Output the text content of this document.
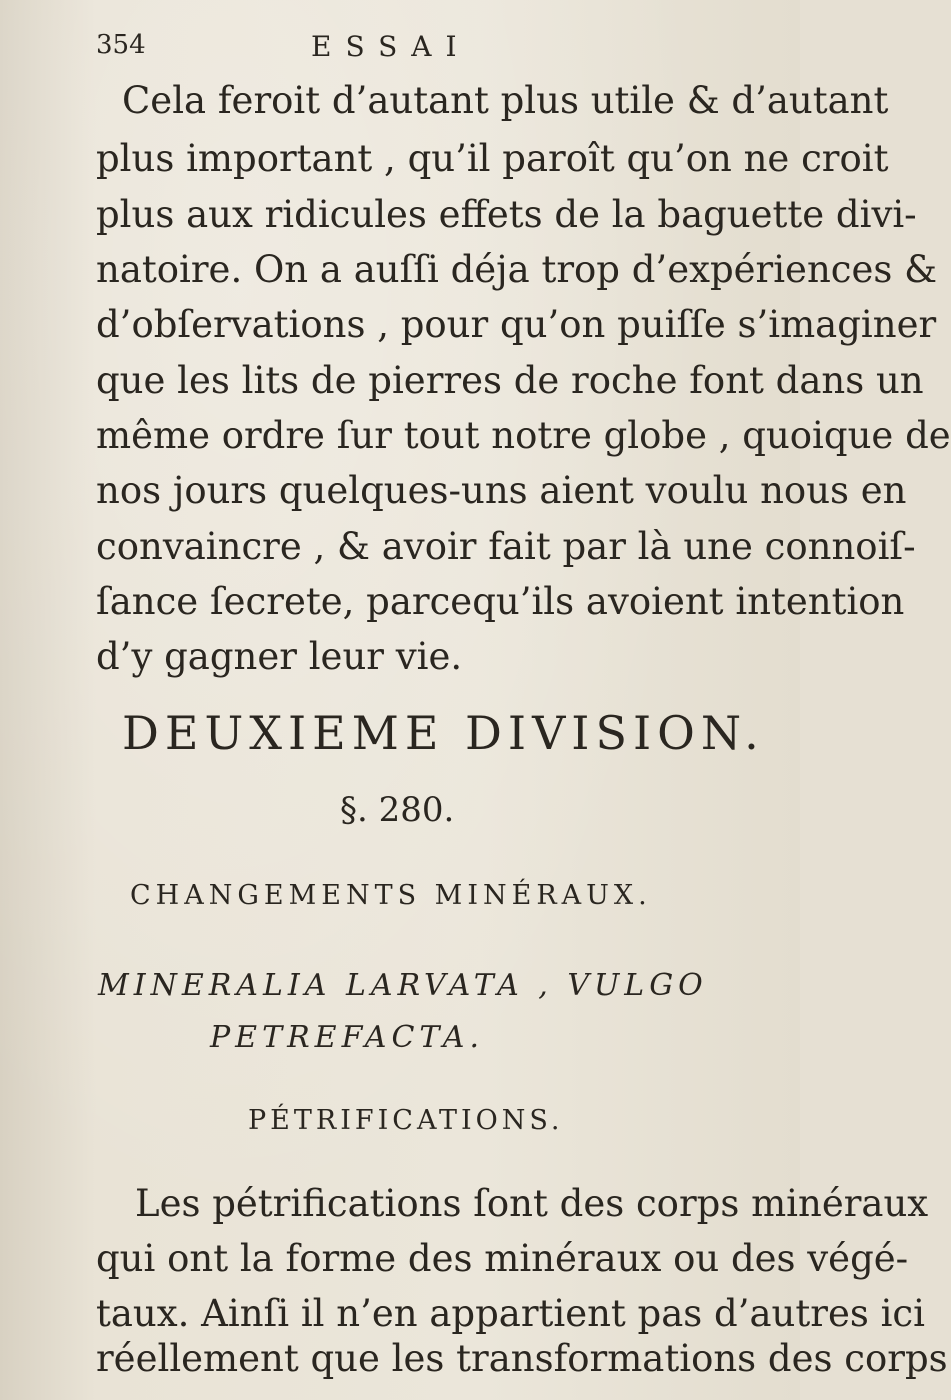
354	ESSAI
Cela feroit d’autant plus utile & d’autant
plus important , qu’il paroît qu’on ne croit
plus aux ridicules effets de la baguette divi-
natoire. On a auſſi déja trop d’expériences &
d’obſervations , pour qu’on puiſſe s’imaginer
que les lits de pierres de roche font dans un
même ordre ſur tout notre globe , quoique de
nos jours quelques-uns aient voulu nous en
convaincre , & avoir fait par là une connoiſ-
ſance ſecrete, parcequ’ils avoient intention
d’y gagner leur vie.
DEUXIEME DIVISION.
§. 280.
CHANGEMENTS MINÉRAUX.
MINERALIA LARVATA , VULGO
PETREFACTA.
PÉTRIFICATIONS.
Les pétrifications ſont des corps minéraux
qui ont la forme des minéraux ou des végé-
taux. Ainſi il n’en appartient pas d’autres ici
réellement que les transformations des corps
